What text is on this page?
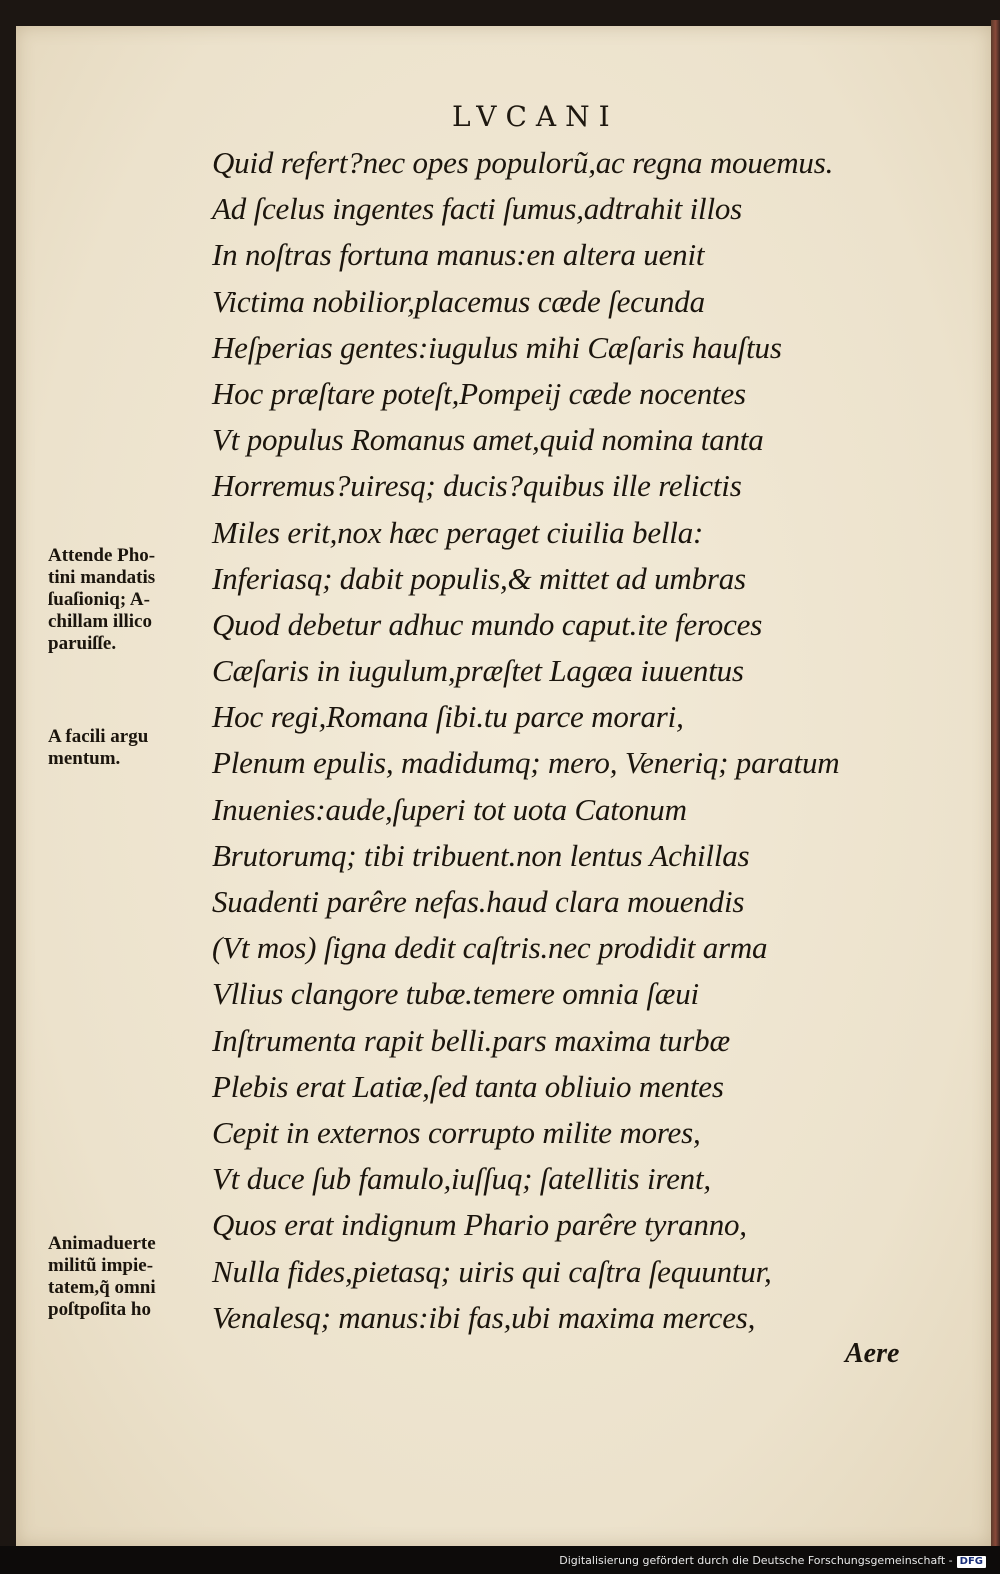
LVCANI
Quid refert?nec opes populorũ,ac regna mouemus.
Ad ſcelus ingentes facti ſumus,adtrahit illos
In noſtras fortuna manus:en altera uenit
Victima nobilior,placemus cæde ſecunda
Heſperias gentes:iugulus mihi Cæſaris hauſtus
Hoc præſtare poteſt,Pompeij cæde nocentes
Vt populus Romanus amet,quid nomina tanta
Horremus?uiresq; ducis?quibus ille relictis
Miles erit,nox hæc peraget ciuilia bella:
Inferiasq; dabit populis,& mittet ad umbras
Quod debetur adhuc mundo caput.ite feroces
Cæſaris in iugulum,præſtet Lagæa iuuentus
Hoc regi,Romana ſibi.tu parce morari,
Plenum epulis, madidumq; mero, Veneriq; paratum
Inuenies:aude,ſuperi tot uota Catonum
Brutorumq; tibi tribuent.non lentus Achillas
Suadenti parêre nefas.haud clara mouendis
(Vt mos) ſigna dedit caſtris.nec prodidit arma
Vllius clangore tubæ.temere omnia ſæui
Inſtrumenta rapit belli.pars maxima turbæ
Plebis erat Latiæ,ſed tanta obliuio mentes
Cepit in externos corrupto milite mores,
Vt duce ſub famulo,iuſſuq; ſatellitis irent,
Quos erat indignum Phario parêre tyranno,
Nulla fides,pietasq; uiris qui caſtra ſequuntur,
Venalesq; manus:ibi fas,ubi maxima merces,
Attende Pho-
tini mandatis
ſuaſioniq; A-
chillam illico
paruiſſe.
A facili argu
mentum.
Animaduerte
militũ impie-
tatem,q̃ omni
poſtpoſita ho
Aere
Digitalisierung gefördert durch die Deutsche Forschungsgemeinschaft - DFG
